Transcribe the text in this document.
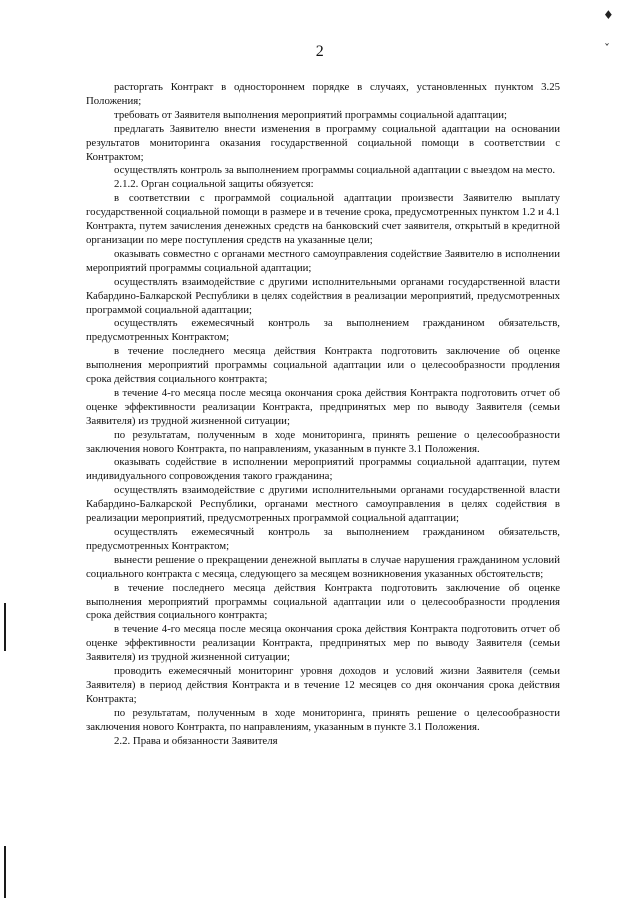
♦
ˇ
2

расторгать Контракт в одностороннем порядке в случаях, установленных пунктом 3.25 Положения;

требовать от Заявителя выполнения мероприятий программы социальной адаптации;

предлагать Заявителю внести изменения в программу социальной адаптации на основании результатов мониторинга оказания государственной социальной помощи в соответствии с Контрактом;

осуществлять контроль за выполнением программы социальной адаптации с выездом на место.

2.1.2. Орган социальной защиты обязуется:

в соответствии с программой социальной адаптации произвести Заявителю выплату государственной социальной помощи в размере и в течение срока, предусмотренных пунктом 1.2 и 4.1 Контракта, путем зачисления денежных средств на банковский счет заявителя, открытый в кредитной организации по мере поступления средств на указанные цели;

оказывать совместно с органами местного самоуправления содействие Заявителю в исполнении мероприятий программы социальной адаптации;

осуществлять взаимодействие с другими исполнительными органами государственной власти Кабардино-Балкарской Республики в целях содействия в реализации мероприятий, предусмотренных программой социальной адаптации;

осуществлять ежемесячный контроль за выполнением гражданином обязательств, предусмотренных Контрактом;

в течение последнего месяца действия Контракта подготовить заключение об оценке выполнения мероприятий программы социальной адаптации или о целесообразности продления срока действия социального контракта;

в течение 4-го месяца после месяца окончания срока действия Контракта подготовить отчет об оценке эффективности реализации Контракта, предпринятых мер по выводу Заявителя (семьи Заявителя) из трудной жизненной ситуации;

по результатам, полученным в ходе мониторинга, принять решение о целесообразности заключения нового Контракта, по направлениям, указанным в пункте 3.1 Положения.

оказывать содействие в исполнении мероприятий программы социальной адаптации, путем индивидуального сопровождения такого гражданина;

осуществлять взаимодействие с другими исполнительными органами государственной власти Кабардино-Балкарской Республики, органами местного самоуправления в целях содействия в реализации мероприятий, предусмотренных программой социальной адаптации;

осуществлять ежемесячный контроль за выполнением гражданином обязательств, предусмотренных Контрактом;

вынести решение о прекращении денежной выплаты в случае нарушения гражданином условий социального контракта с месяца, следующего за месяцем возникновения указанных обстоятельств;

в течение последнего месяца действия Контракта подготовить заключение об оценке выполнения мероприятий программы социальной адаптации или о целесообразности продления срока действия социального контракта;

в течение 4-го месяца после месяца окончания срока действия Контракта подготовить отчет об оценке эффективности реализации Контракта, предпринятых мер по выводу Заявителя (семьи Заявителя) из трудной жизненной ситуации;

проводить ежемесячный мониторинг уровня доходов и условий жизни Заявителя (семьи Заявителя) в период действия Контракта и в течение 12 месяцев со дня окончания срока действия Контракта;

по результатам, полученным в ходе мониторинга, принять решение о целесообразности заключения нового Контракта, по направлениям, указанным в пункте 3.1 Положения.

2.2. Права и обязанности Заявителя
